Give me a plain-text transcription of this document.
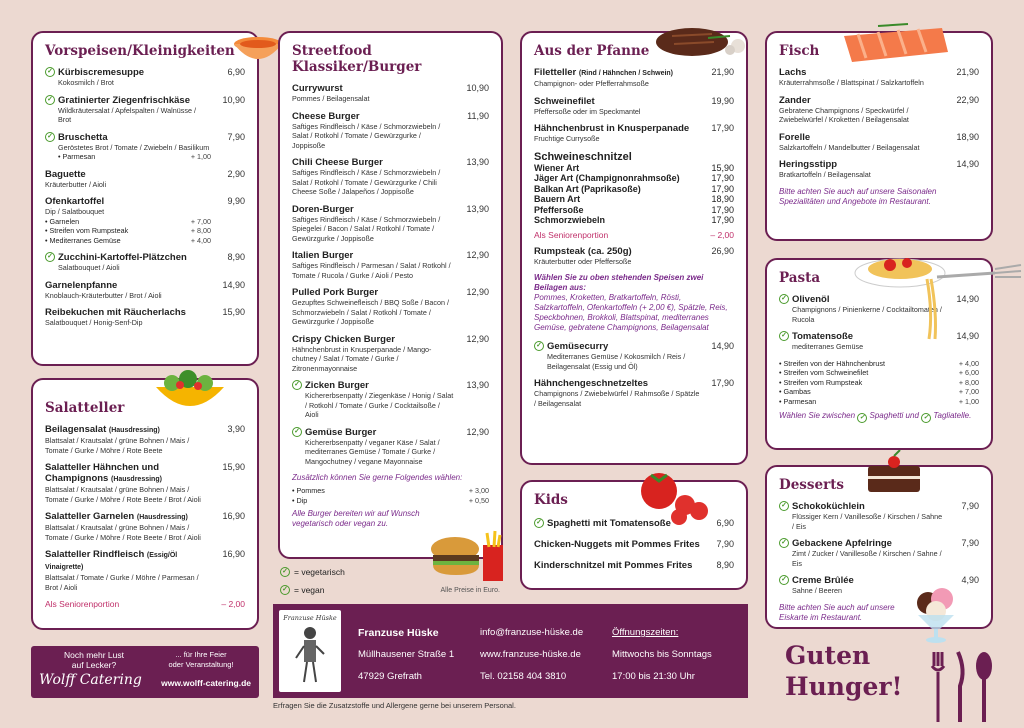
Vorspeisen/Kleinigkeiten
✓ Kürbiscremesuppe
Kokosmilch / Brot
6,90
✓ Gratinierter Ziegenfrischkäse
Wildkräutersalat / Apfelspalten / Walnüsse / Brot
10,90
✓ Bruschetta
Geröstetes Brot / Tomate / Zwiebeln / Basilikum
• Parmesan	+ 1,00
7,90
Baguette
Kräuterbutter / Aioli
2,90
Ofenkartoffel
Dip / Salatbouquet
• Garnelen	+ 7,00
• Streifen vom Rumpsteak	+ 8,00
• Mediterranes Gemüse	+ 4,00
9,90
✓ Zucchini-Kartoffel-Plätzchen
Salatbouquet / Aioli
8,90
Garnelenpfanne
Knoblauch-Kräuterbutter / Brot / Aioli
14,90
Reibekuchen mit Räucherlachs
Salatbouquet / Honig-Senf-Dip
15,90
Salatteller
Beilagensalat (Hausdressing)
Blattsalat / Krautsalat / grüne Bohnen / Mais / Tomate / Gurke / Möhre / Rote Beete
3,90
Salatteller Hähnchen und Champignons (Hausdressing)
Blattsalat / Krautsalat / grüne Bohnen / Mais / Tomate / Gurke / Möhre / Rote Beete / Brot / Aioli
15,90
Salatteller Garnelen (Hausdressing)
Blattsalat / Krautsalat / grüne Bohnen / Mais / Tomate / Gurke / Möhre / Rote Beete / Brot / Aioli
16,90
Salatteller Rindfleisch (Essig/Öl Vinaigrette)
Blattsalat / Tomate / Gurke / Möhre / Parmesan / Brot / Aioli
16,90
Als Seniorenportion	– 2,00
Streetfood Klassiker/Burger
Currywurst
Pommes / Beilagensalat
10,90
Cheese Burger
Saftiges Rindfleisch / Käse / Schmorzwiebeln / Salat / Rotkohl / Tomate / Gewürzgurke / Joppisoße
11,90
Chili Cheese Burger
Saftiges Rindfleisch / Käse / Schmorzwiebeln / Salat / Rotkohl / Tomate / Gewürzgurke / Chili Cheese Soße / Jalapeños / Joppisoße
13,90
Doren-Burger
Saftiges Rindfleisch / Käse / Schmorzwiebeln / Spiegelei / Bacon / Salat / Rotkohl / Tomate / Gewürzgurke / Joppisoße
13,90
Italien Burger
Saftiges Rindfleisch / Parmesan / Salat / Rotkohl / Tomate / Rucola / Gurke / Aioli / Pesto
12,90
Pulled Pork Burger
Gezupftes Schweinefleisch / BBQ Soße / Bacon / Schmorzwiebeln / Salat / Rotkohl / Tomate / Gewürzgurke / Joppisoße
12,90
Crispy Chicken Burger
Hähnchenbrust in Knusperpanade / Mango-chutney / Salat / Tomate / Gurke / Zitronenmayonnaise
12,90
✓ Zicken Burger
Kichererbsenpatty / Ziegenkäse / Honig / Salat / Rotkohl / Tomate / Gurke / Cocktailsoße / Aioli
13,90
✓ Gemüse Burger
Kichererbsenpatty / veganer Käse / Salat / mediterranes Gemüse / Tomate / Gurke / Mangochutney / vegane Mayonnaise
12,90
Zusätzlich können Sie gerne Folgendes wählen:
• Pommes	+ 3,00
• Dip	+ 0,50
Alle Burger bereiten wir auf Wunsch vegetarisch oder vegan zu.
✓ = vegetarisch
✓ = vegan	Alle Preise in Euro.
Aus der Pfanne
Filetteller (Rind / Hähnchen / Schwein)
Champignon- oder Pfefferrahmsoße
21,90
Schweinefilet
Pfeffersoße oder im Speckmantel
19,90
Hähnchenbrust in Knusperpanade
Fruchtige Currysoße
17,90
Schweineschnitzel
Wiener Art	15,90
Jäger Art (Champignonrahmsoße)	17,90
Balkan Art (Paprikasoße)	17,90
Bauern Art	18,90
Pfeffersoße	17,90
Schmorzwiebeln	17,90
Als Seniorenportion	– 2,00
Rumpsteak (ca. 250g)
Kräuterbutter oder Pfeffersoße
26,90
Wählen Sie zu oben stehenden Speisen zwei Beilagen aus:
Pommes, Kroketten, Bratkartoffeln, Rösti, Salzkartoffeln, Ofenkartoffeln (+ 2,00 €), Spätzle, Reis, Speckbohnen, Brokkoli, Blattspinat, mediterranes Gemüse, gebratene Champignons, Beilagensalat
✓ Gemüsecurry
Mediterranes Gemüse / Kokosmilch / Reis / Beilagensalat (Essig und Öl)
14,90
Hähnchengeschnetzeltes
Champignons / Zwiebelwürfel / Rahmsoße / Spätzle / Beilagensalat
17,90
Kids
✓ Spaghetti mit Tomatensoße	6,90
Chicken-Nuggets mit Pommes Frites 7,90
Kinderschnitzel mit Pommes Frites	8,90
Fisch
Lachs
Kräuterrahmsoße / Blattspinat / Salzkartoffeln
21,90
Zander
Gebratene Champignons / Speckwürfel / Zwiebelwürfel / Kroketten / Beilagensalat
22,90
Forelle
Salzkartoffeln / Mandelbutter / Beilagensalat
18,90
Heringsstipp
Bratkartoffeln / Beilagensalat
14,90
Bitte achten Sie auch auf unsere Saisonalen Spezialitäten und Angebote im Restaurant.
Pasta
✓ Olivenöl
Champignons / Pinienkerne / Cocktailtomaten / Rucola
14,90
✓ Tomatensoße
mediterranes Gemüse
14,90
• Streifen von der Hähnchenbrust	+ 4,00
• Streifen vom Schweinefilet	+ 6,00
• Streifen vom Rumpsteak	+ 8,00
• Gambas	+ 7,00
• Parmesan	+ 1,00
Wählen Sie zwischen ✓ Spaghetti und ✓ Tagliatelle.
Desserts
✓ Schokoküchlein
Flüssiger Kern / Vanillesoße / Kirschen / Sahne / Eis
7,90
✓ Gebackene Apfelringe
Zimt / Zucker / Vanillesoße / Kirschen / Sahne / Eis
7,90
✓ Creme Brûlée
Sahne / Beeren
4,90
Bitte achten Sie auch auf unsere Eiskarte im Restaurant.
Noch mehr Lust
auf Lecker?
... für Ihre Feier
oder Veranstaltung!
Wolff Catering www.wolff-catering.de
Franzuse Hüske
Franzuse Hüske
Müllhausener Straße 1
47929 Grefrath
info@franzuse-hüske.de
www.franzuse-hüske.de
Tel. 02158 404 3810
Öffnungszeiten:
Mittwochs bis Sonntags
17:00 bis 21:30 Uhr
Erfragen Sie die Zusatzstoffe und Allergene gerne bei unserem Personal.
Guten
Hunger!
